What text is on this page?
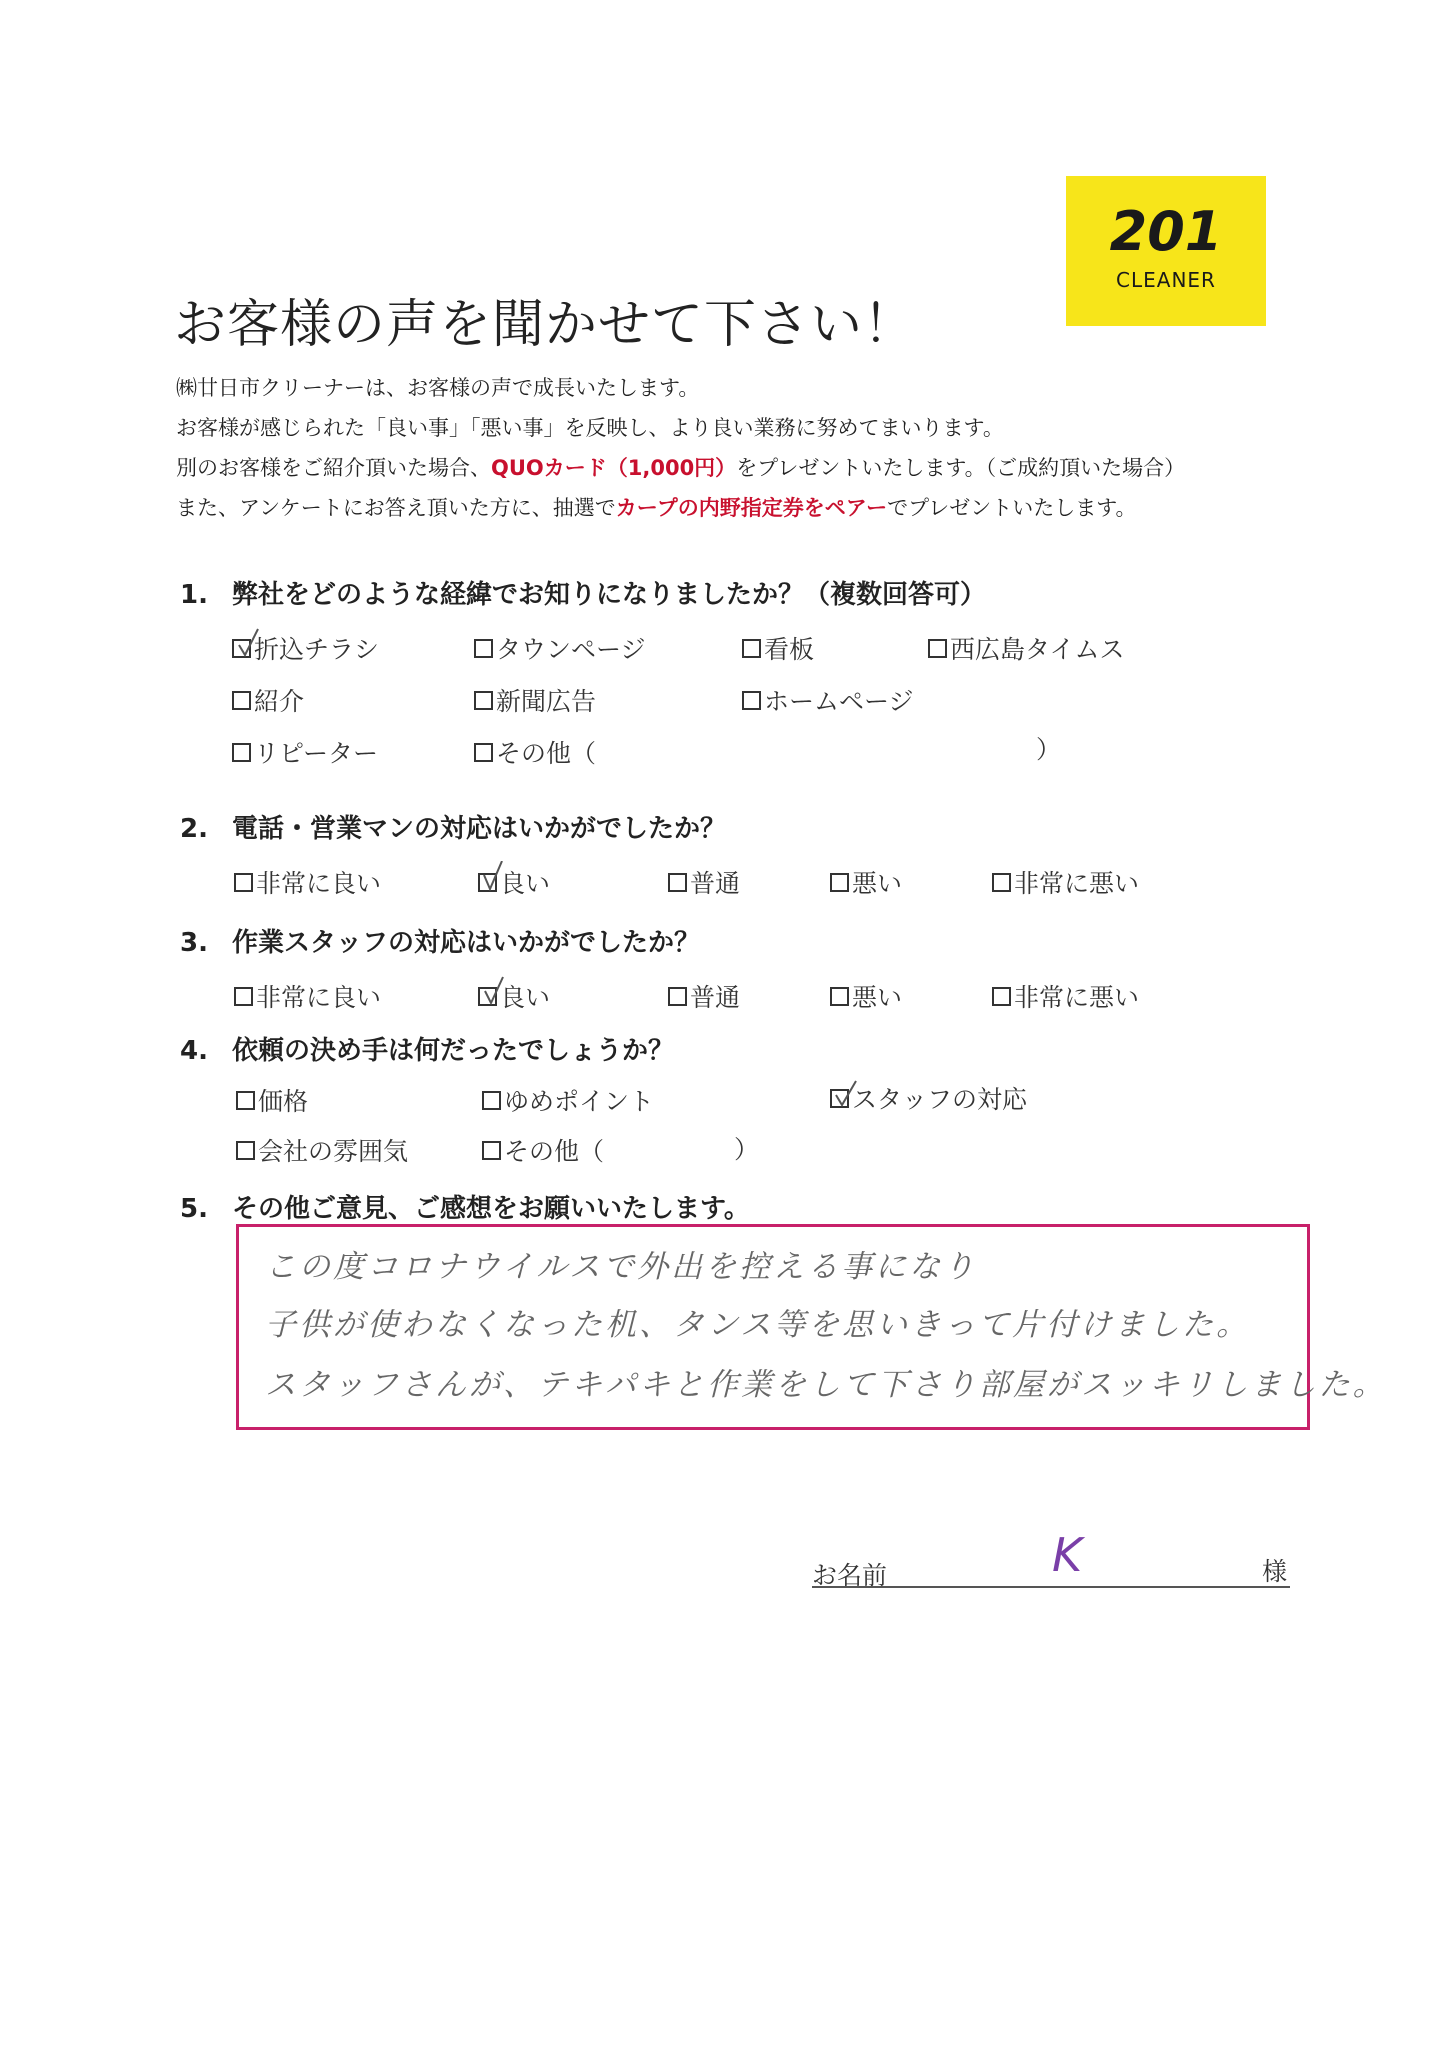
201
CLEANER
お客様の声を聞かせて下さい！
㈱廿日市クリーナーは、お客様の声で成長いたします。
お客様が感じられた「良い事」「悪い事」を反映し、より良い業務に努めてまいります。
別のお客様をご紹介頂いた場合、QUOカード（1,000円）をプレゼントいたします。（ご成約頂いた場合）
また、アンケートにお答え頂いた方に、抽選でカープの内野指定券をペアーでプレゼントいたします。
1. 弊社をどのような経緯でお知りになりましたか？（複数回答可）
折込チラシ	タウンページ	看板	西広島タイムス
紹介	新聞広告	ホームページ
リピーター	その他（	）
2. 電話・営業マンの対応はいかがでしたか？
非常に良い	良い	普通	悪い	非常に悪い
3. 作業スタッフの対応はいかがでしたか？
非常に良い	良い	普通	悪い	非常に悪い
4. 依頼の決め手は何だったでしょうか？
価格	ゆめポイント	スタッフの対応
会社の雰囲気	その他（	）
5. その他ご意見、ご感想をお願いいたします。
この度コロナウイルスで外出を控える事になり
子供が使わなくなった机、タンス等を思いきって片付けました。
スタッフさんが、テキパキと作業をして下さり部屋がスッキリしました。
お名前	K	様
